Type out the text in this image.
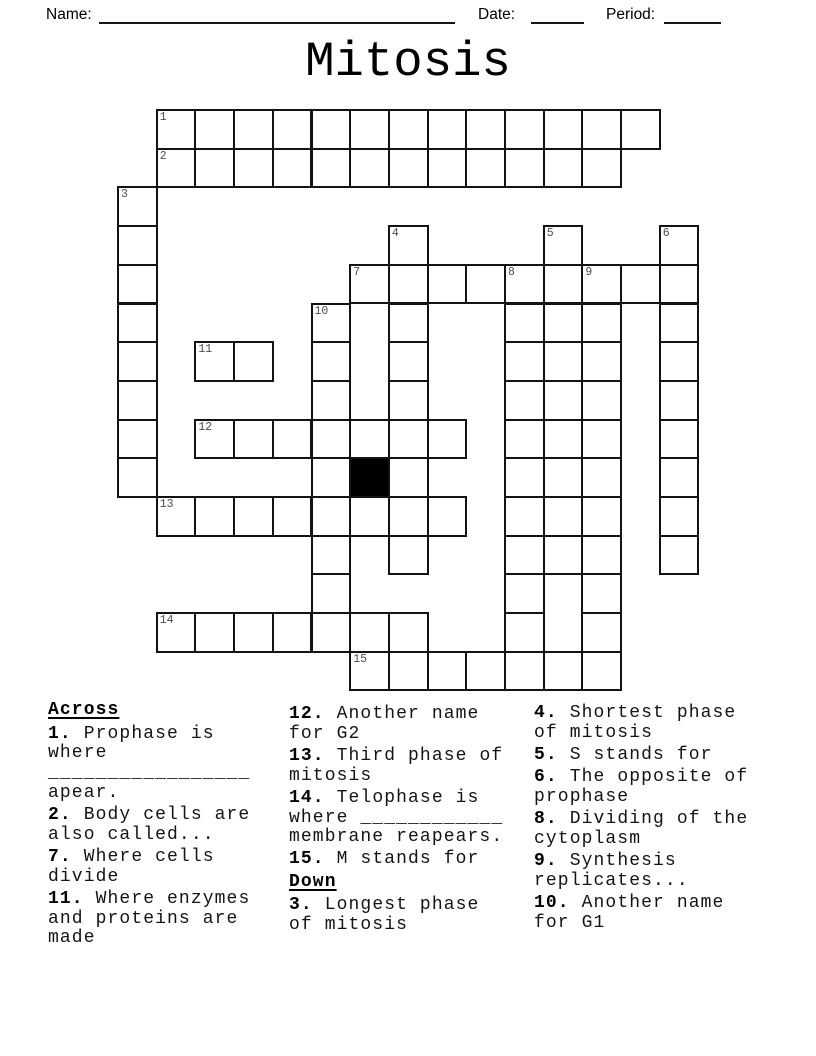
Name:	Date:	Period:
Mitosis
1
2
3
4	5	6
7	8	9
10
11
12
13
14
15
Across
1. Prophase is where _________________ apear.
2. Body cells are also called...
7. Where cells divide
11. Where enzymes and proteins are made
12. Another name for G2
13. Third phase of mitosis
14. Telophase is where ____________ membrane reapears.
15. M stands for
Down
3. Longest phase of mitosis
4. Shortest phase of mitosis
5. S stands for
6. The opposite of prophase
8. Dividing of the cytoplasm
9. Synthesis replicates...
10. Another name for G1
